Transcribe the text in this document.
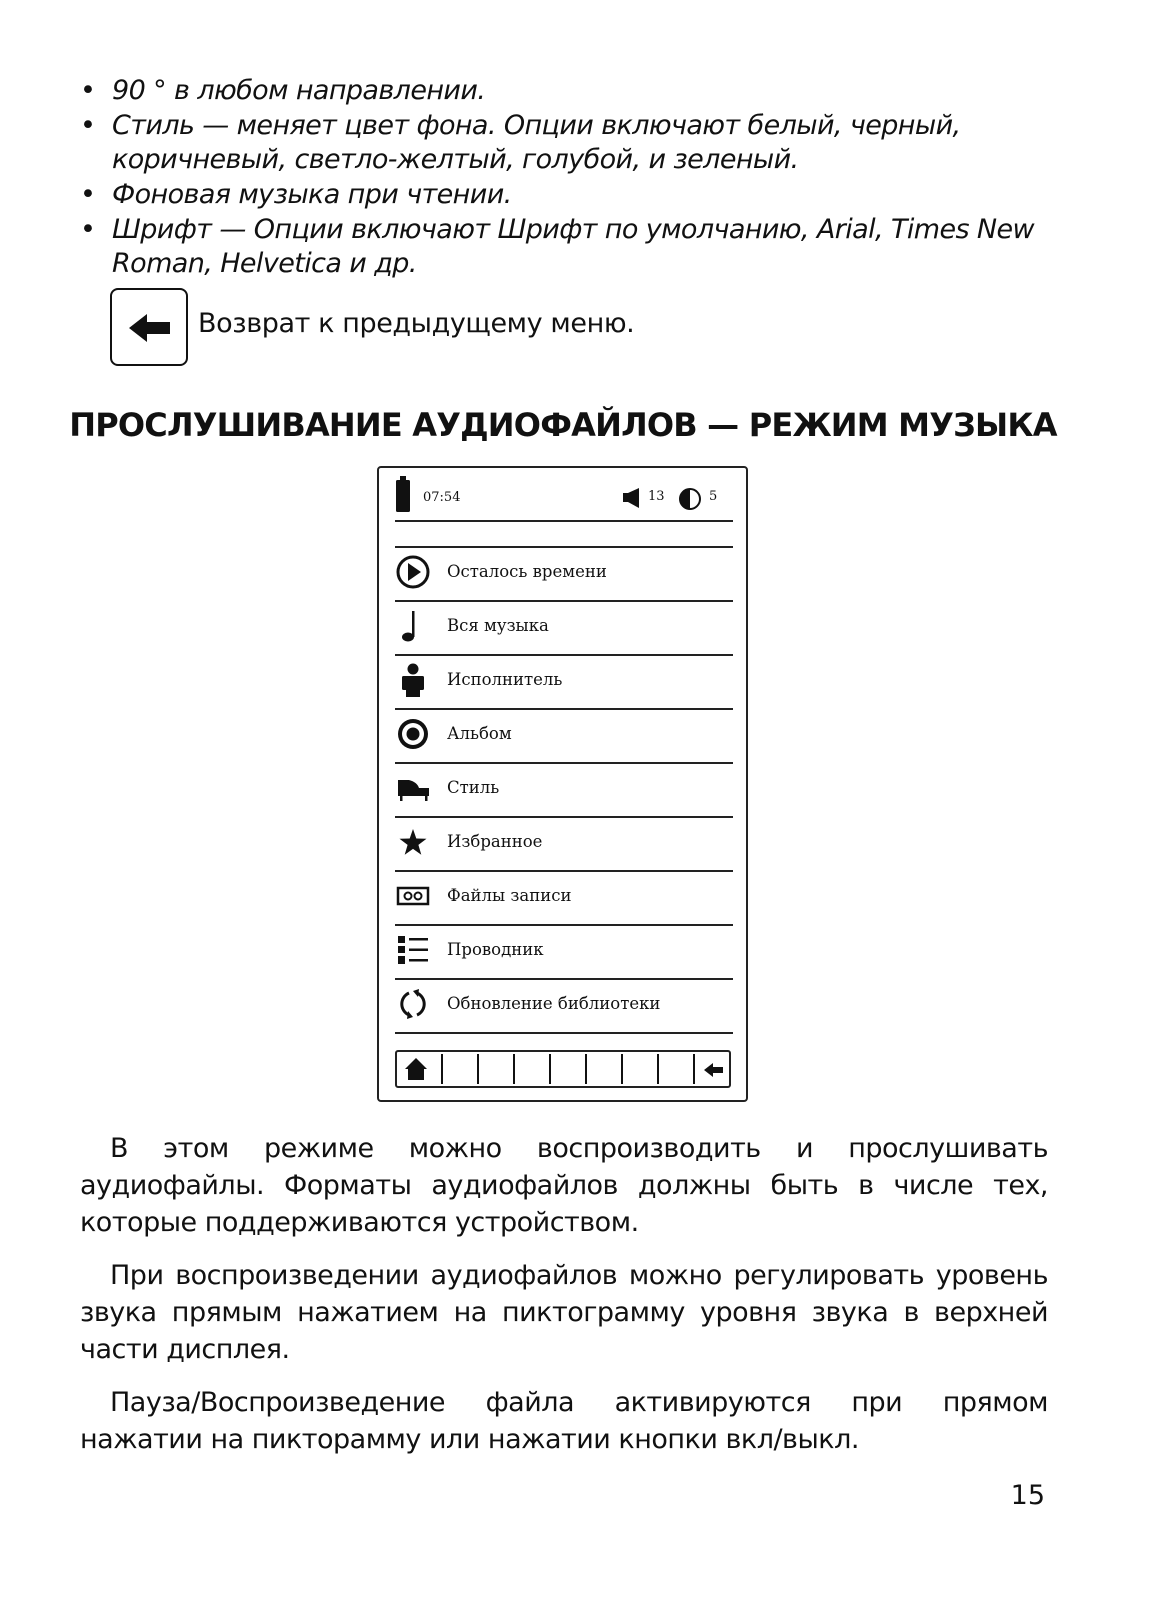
• 90 ° в любом направлении.
• Стиль — меняет цвет фона. Опции включают белый, черный, коричневый, светло-желтый, голубой, и зеленый.
• Фоновая музыка при чтении.
• Шрифт — Опции включают Шрифт по умолчанию, Arial, Times New Roman, Helvetica и др.
Возврат к предыдущему меню.
ПРОСЛУШИВАНИЕ АУДИОФАЙЛОВ — РЕЖИМ МУЗЫКА
07:54	13	5
Осталось времени
Вся музыка
Исполнитель
Альбом
Стиль
Избранное
Файлы записи
Проводник
Обновление библиотеки

В этом режиме можно воспроизводить и прослушивать аудиофайлы. Форматы аудиофайлов должны быть в числе тех, которые поддерживаются устройством.

При воспроизведении аудиофайлов можно регулировать уровень звука прямым нажатием на пиктограмму уровня звука в верхней части дисплея.

Пауза/Воспроизведение файла активируются при прямом нажатии на пикторамму или нажатии кнопки вкл/выкл.

15
